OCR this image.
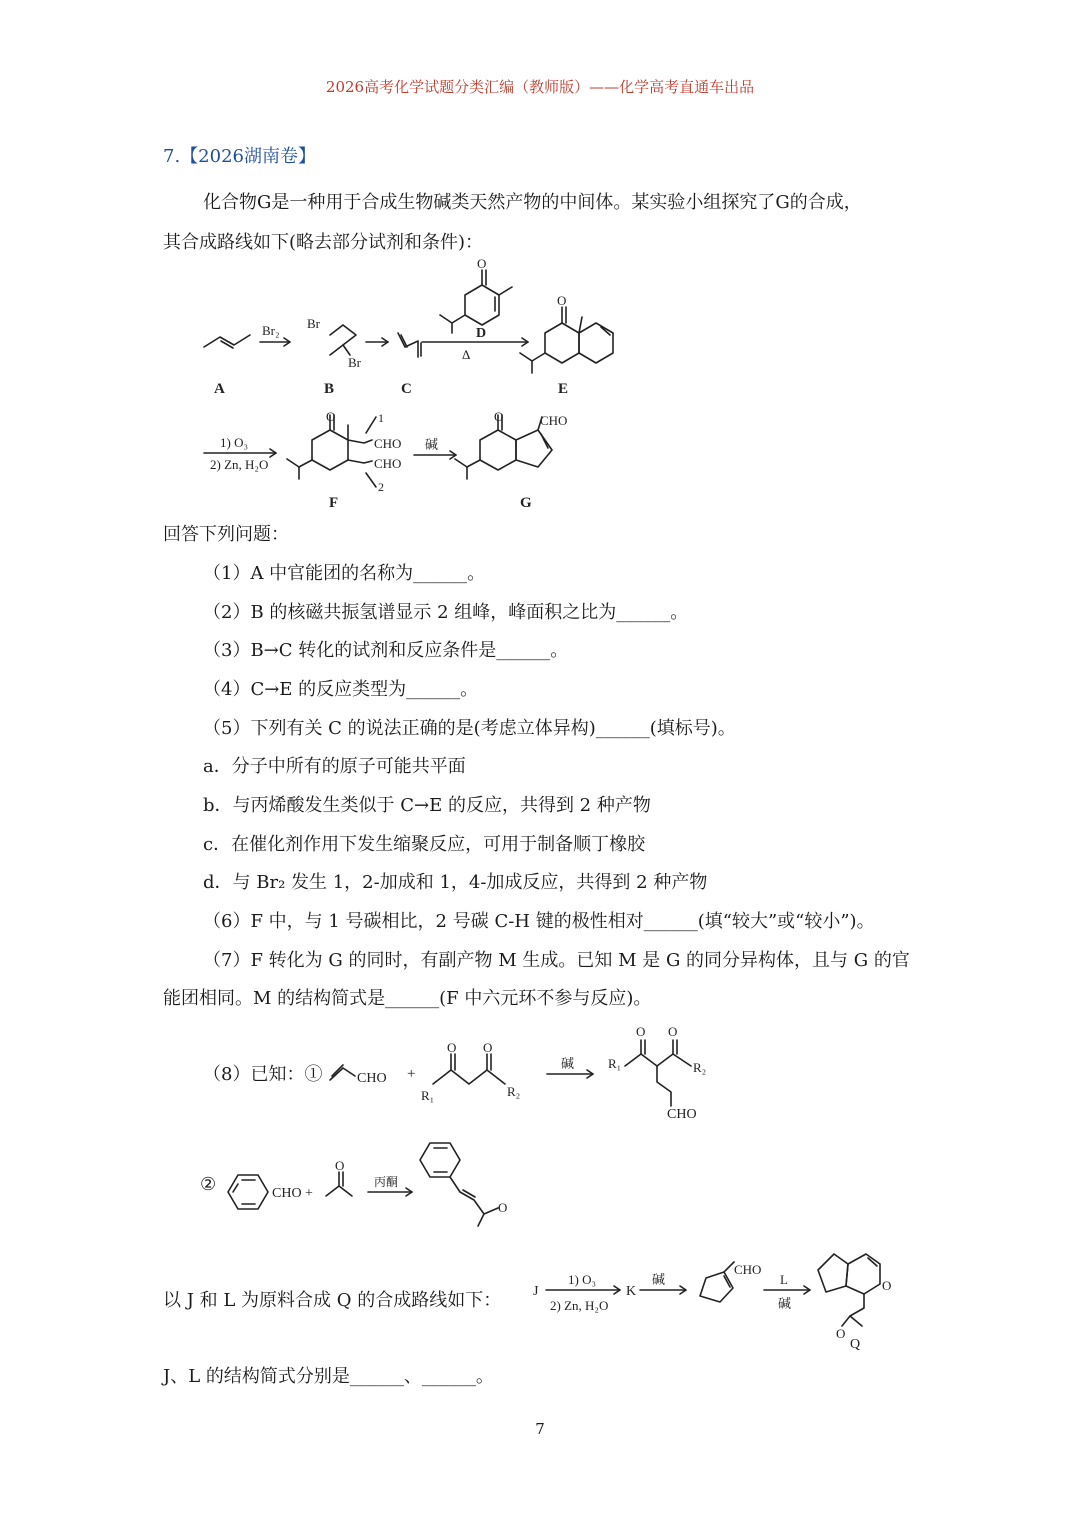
2026高考化学试题分类汇编（教师版）——化学高考直通车出品
7.【2026湖南卷】
化合物G是一种用于合成生物碱类天然产物的中间体。某实验小组探究了G的合成，
其合成路线如下(略去部分试剂和条件)：
A
Br₂ Br
Br
B	C
O
D
Δ
O
E
1) O₃
2) Zn, H₂O
O
CHO
CHO
1
2
F
碱
O	CHO
G
回答下列问题：
（1）A 中官能团的名称为______。
（2）B 的核磁共振氢谱显示 2 组峰，峰面积之比为______。
（3）B→C 转化的试剂和反应条件是______。
（4）C→E 的反应类型为______。
（5）下列有关 C 的说法正确的是(考虑立体异构)______(填标号)。
a．分子中所有的原子可能共平面
b．与丙烯酸发生类似于 C→E 的反应，共得到 2 种产物
c．在催化剂作用下发生缩聚反应，可用于制备顺丁橡胶
d．与 Br₂ 发生 1，2-加成和 1，4-加成反应，共得到 2 种产物
（6）F 中，与 1 号碳相比，2 号碳 C-H 键的极性相对______(填“较大”或“较小”)。
（7）F 转化为 G 的同时，有副产物 M 生成。已知 M 是 G 的同分异构体，且与 G 的官
能团相同。M 的结构简式是______(F 中六元环不参与反应)。
（8）已知：① CHO +
O O
R₁	R₂
碱
O O
R₁	R₂
CHO
②	CHO +
O
丙酮
O
以 J 和 L 为原料合成 Q 的合成路线如下： J
1) O₃
2) Zn, H₂O
K
碱
CHO
L
碱
O
O
Q
J、L 的结构简式分别是______、______。
7
